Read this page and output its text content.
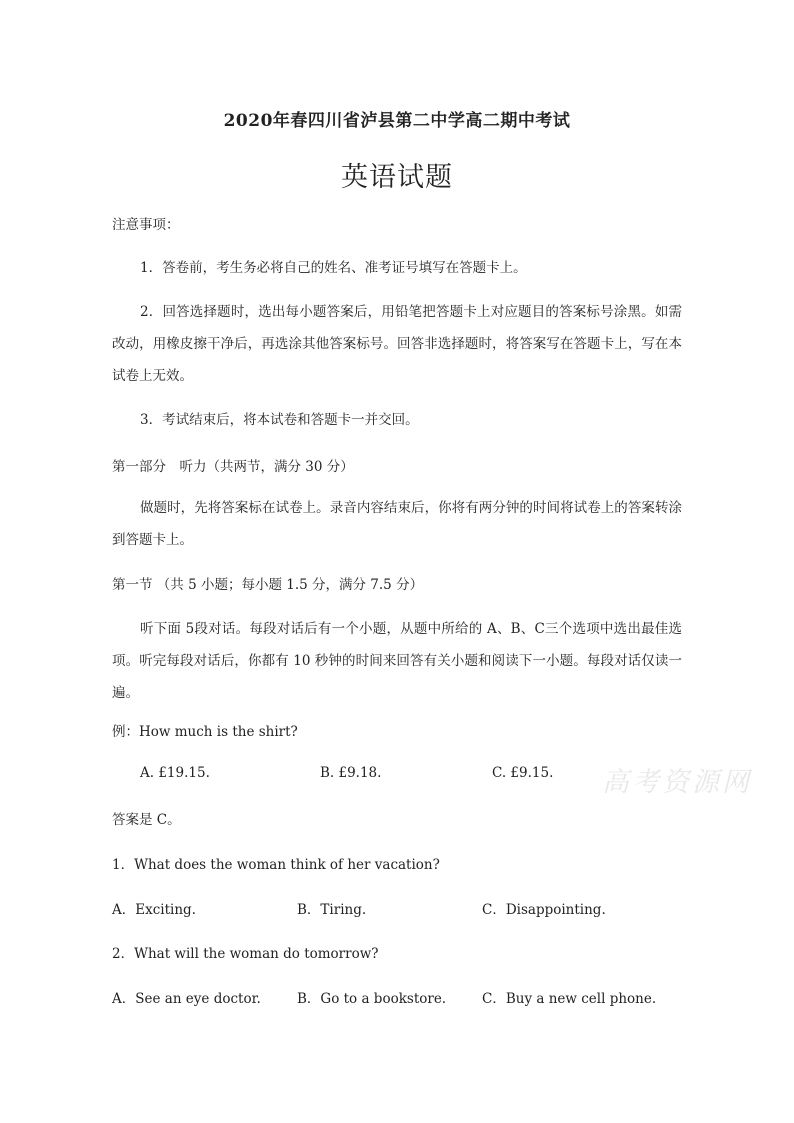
2020年春四川省泸县第二中学高二期中考试
英语试题
注意事项：
1．答卷前，考生务必将自己的姓名、准考证号填写在答题卡上。
2．回答选择题时，选出每小题答案后，用铅笔把答题卡上对应题目的答案标号涂黑。如需改动，用橡皮擦干净后，再选涂其他答案标号。回答非选择题时，将答案写在答题卡上，写在本试卷上无效。
3．考试结束后，将本试卷和答题卡一并交回。
第一部分　听力（共两节，满分 30 分）
做题时，先将答案标在试卷上。录音内容结束后，你将有两分钟的时间将试卷上的答案转涂到答题卡上。
第一节 （共 5 小题；每小题 1.5 分，满分 7.5 分）
听下面 5段对话。每段对话后有一个小题，从题中所给的 A、B、C三个选项中选出最佳选项。听完每段对话后，你都有 10 秒钟的时间来回答有关小题和阅读下一小题。每段对话仅读一遍。
例：How much is the shirt?
A. £19.15.	B. £9.18.	C. £9.15.
答案是 C。
1．What does the woman think of her vacation?
A．Exciting.	B．Tiring.	C．Disappointing.
2．What will the woman do tomorrow?
A．See an eye doctor.	B．Go to a bookstore.	C．Buy a new cell phone.
高考资源网
